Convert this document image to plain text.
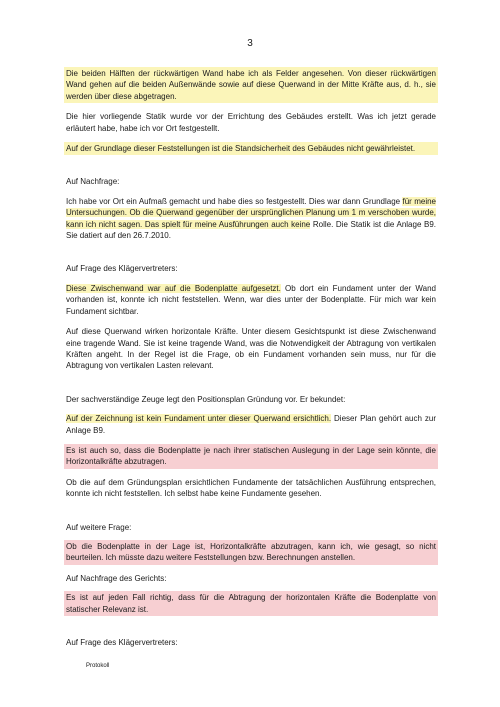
3

Die beiden Hälften der rückwärtigen Wand habe ich als Felder angesehen. Von dieser rückwärtigen Wand gehen auf die beiden Außenwände sowie auf diese Querwand in der Mitte Kräfte aus, d. h., sie werden über diese abgetragen.

Die hier vorliegende Statik wurde vor der Errichtung des Gebäudes erstellt. Was ich jetzt gerade erläutert habe, habe ich vor Ort festgestellt.

Auf der Grundlage dieser Feststellungen ist die Standsicherheit des Gebäudes nicht gewährleistet.

Auf Nachfrage:

Ich habe vor Ort ein Aufmaß gemacht und habe dies so festgestellt. Dies war dann Grundlage für meine Untersuchungen. Ob die Querwand gegenüber der ursprünglichen Planung um 1 m verschoben wurde, kann ich nicht sagen. Das spielt für meine Ausführungen auch keine Rolle. Die Statik ist die Anlage B9. Sie datiert auf den 26.7.2010.

Auf Frage des Klägervertreters:

Diese Zwischenwand war auf die Bodenplatte aufgesetzt. Ob dort ein Fundament unter der Wand vorhanden ist, konnte ich nicht feststellen. Wenn, war dies unter der Bodenplatte. Für mich war kein Fundament sichtbar.

Auf diese Querwand wirken horizontale Kräfte. Unter diesem Gesichtspunkt ist diese Zwischenwand eine tragende Wand. Sie ist keine tragende Wand, was die Notwendigkeit der Abtragung von vertikalen Kräften angeht. In der Regel ist die Frage, ob ein Fundament vorhanden sein muss, nur für die Abtragung von vertikalen Lasten relevant.

Der sachverständige Zeuge legt den Positionsplan Gründung vor. Er bekundet:

Auf der Zeichnung ist kein Fundament unter dieser Querwand ersichtlich. Dieser Plan gehört auch zur Anlage B9.

Es ist auch so, dass die Bodenplatte je nach ihrer statischen Auslegung in der Lage sein könnte, die Horizontalkräfte abzutragen.

Ob die auf dem Gründungsplan ersichtlichen Fundamente der tatsächlichen Ausführung entsprechen, konnte ich nicht feststellen. Ich selbst habe keine Fundamente gesehen.

Auf weitere Frage:

Ob die Bodenplatte in der Lage ist, Horizontalkräfte abzutragen, kann ich, wie gesagt, so nicht beurteilen. Ich müsste dazu weitere Feststellungen bzw. Berechnungen anstellen.

Auf Nachfrage des Gerichts:

Es ist auf jeden Fall richtig, dass für die Abtragung der horizontalen Kräfte die Bodenplatte von statischer Relevanz ist.

Auf Frage des Klägervertreters:

Protokoll
